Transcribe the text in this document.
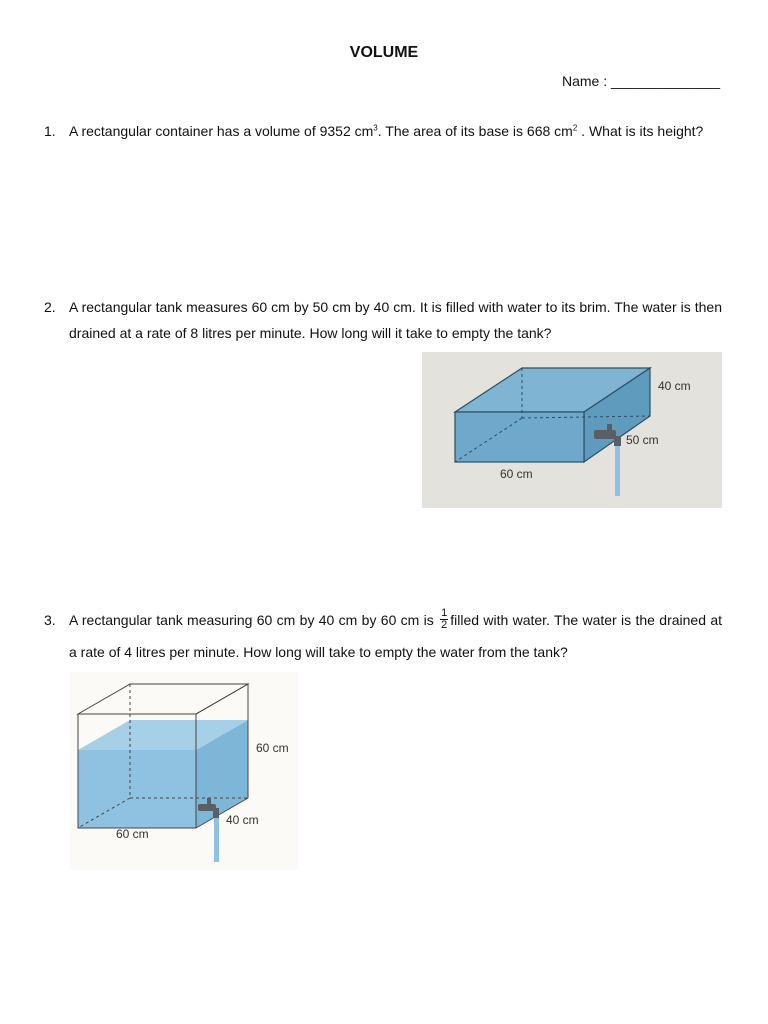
VOLUME
Name : ______________
1. A rectangular container has a volume of 9352 $cm^3$. The area of its base is 668 $cm^2$ . What is its height?
2. A rectangular tank measures 60 cm by 50 cm by 40 cm. It is filled with water to its brim. The water is then drained at a rate of 8 litres per minute. How long will it take to empty the tank?
40 cm
50 cm
60 cm
3. A rectangular tank measuring 60 cm by 40 cm by 60 cm is $\frac{1}{2}$ filled with water. The water is the drained at a rate of 4 litres per minute. How long will take to empty the water from the tank?
60 cm
40 cm
60 cm
